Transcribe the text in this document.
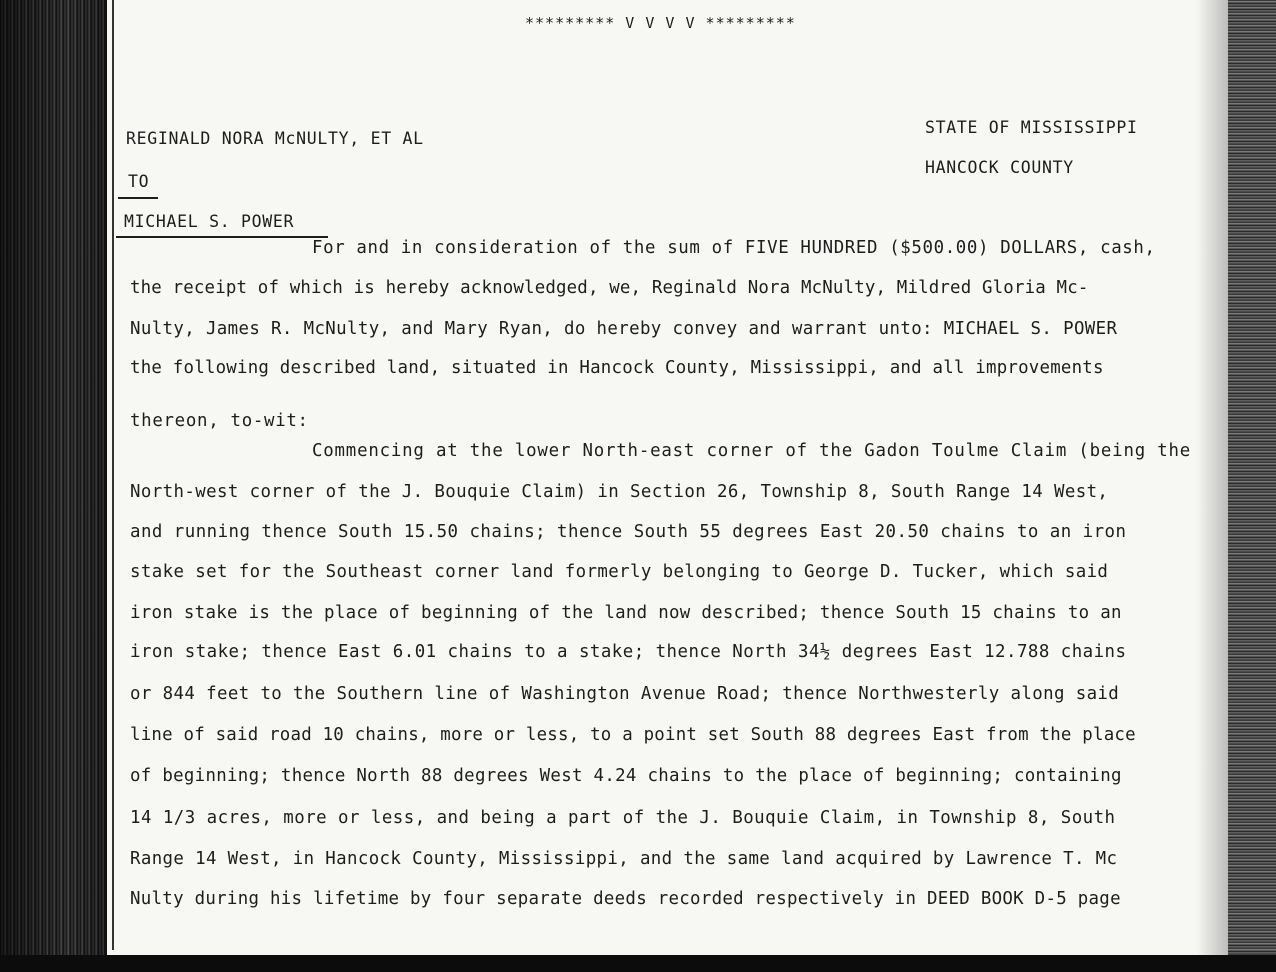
********* V V V V *********
REGINALD NORA McNULTY, ET AL
STATE OF MISSISSIPPI
HANCOCK COUNTY
TO
MICHAEL S. POWER
For and in consideration of the sum of FIVE HUNDRED ($500.00) DOLLARS, cash,
the receipt of which is hereby acknowledged, we, Reginald Nora McNulty, Mildred Gloria Mc-
Nulty, James R. McNulty, and Mary Ryan, do hereby convey and warrant unto: MICHAEL S. POWER
the following described land, situated in Hancock County, Mississippi, and all improvements
thereon, to-wit:
Commencing at the lower North-east corner of the Gadon Toulme Claim (being the
North-west corner of the J. Bouquie Claim) in Section 26, Township 8, South Range 14 West,
and running thence South 15.50 chains; thence South 55 degrees East 20.50 chains to an iron
stake set for the Southeast corner land formerly belonging to George D. Tucker, which said
iron stake is the place of beginning of the land now described; thence South 15 chains to an
iron stake; thence East 6.01 chains to a stake; thence North 34½ degrees East 12.788 chains
or 844 feet to the Southern line of Washington Avenue Road; thence Northwesterly along said
line of said road 10 chains, more or less, to a point set South 88 degrees East from the place
of beginning; thence North 88 degrees West 4.24 chains to the place of beginning; containing
14 1/3 acres, more or less, and being a part of the J. Bouquie Claim, in Township 8, South
Range 14 West, in Hancock County, Mississippi, and the same land acquired by Lawrence T. Mc
Nulty during his lifetime by four separate deeds recorded respectively in DEED BOOK D-5 page
